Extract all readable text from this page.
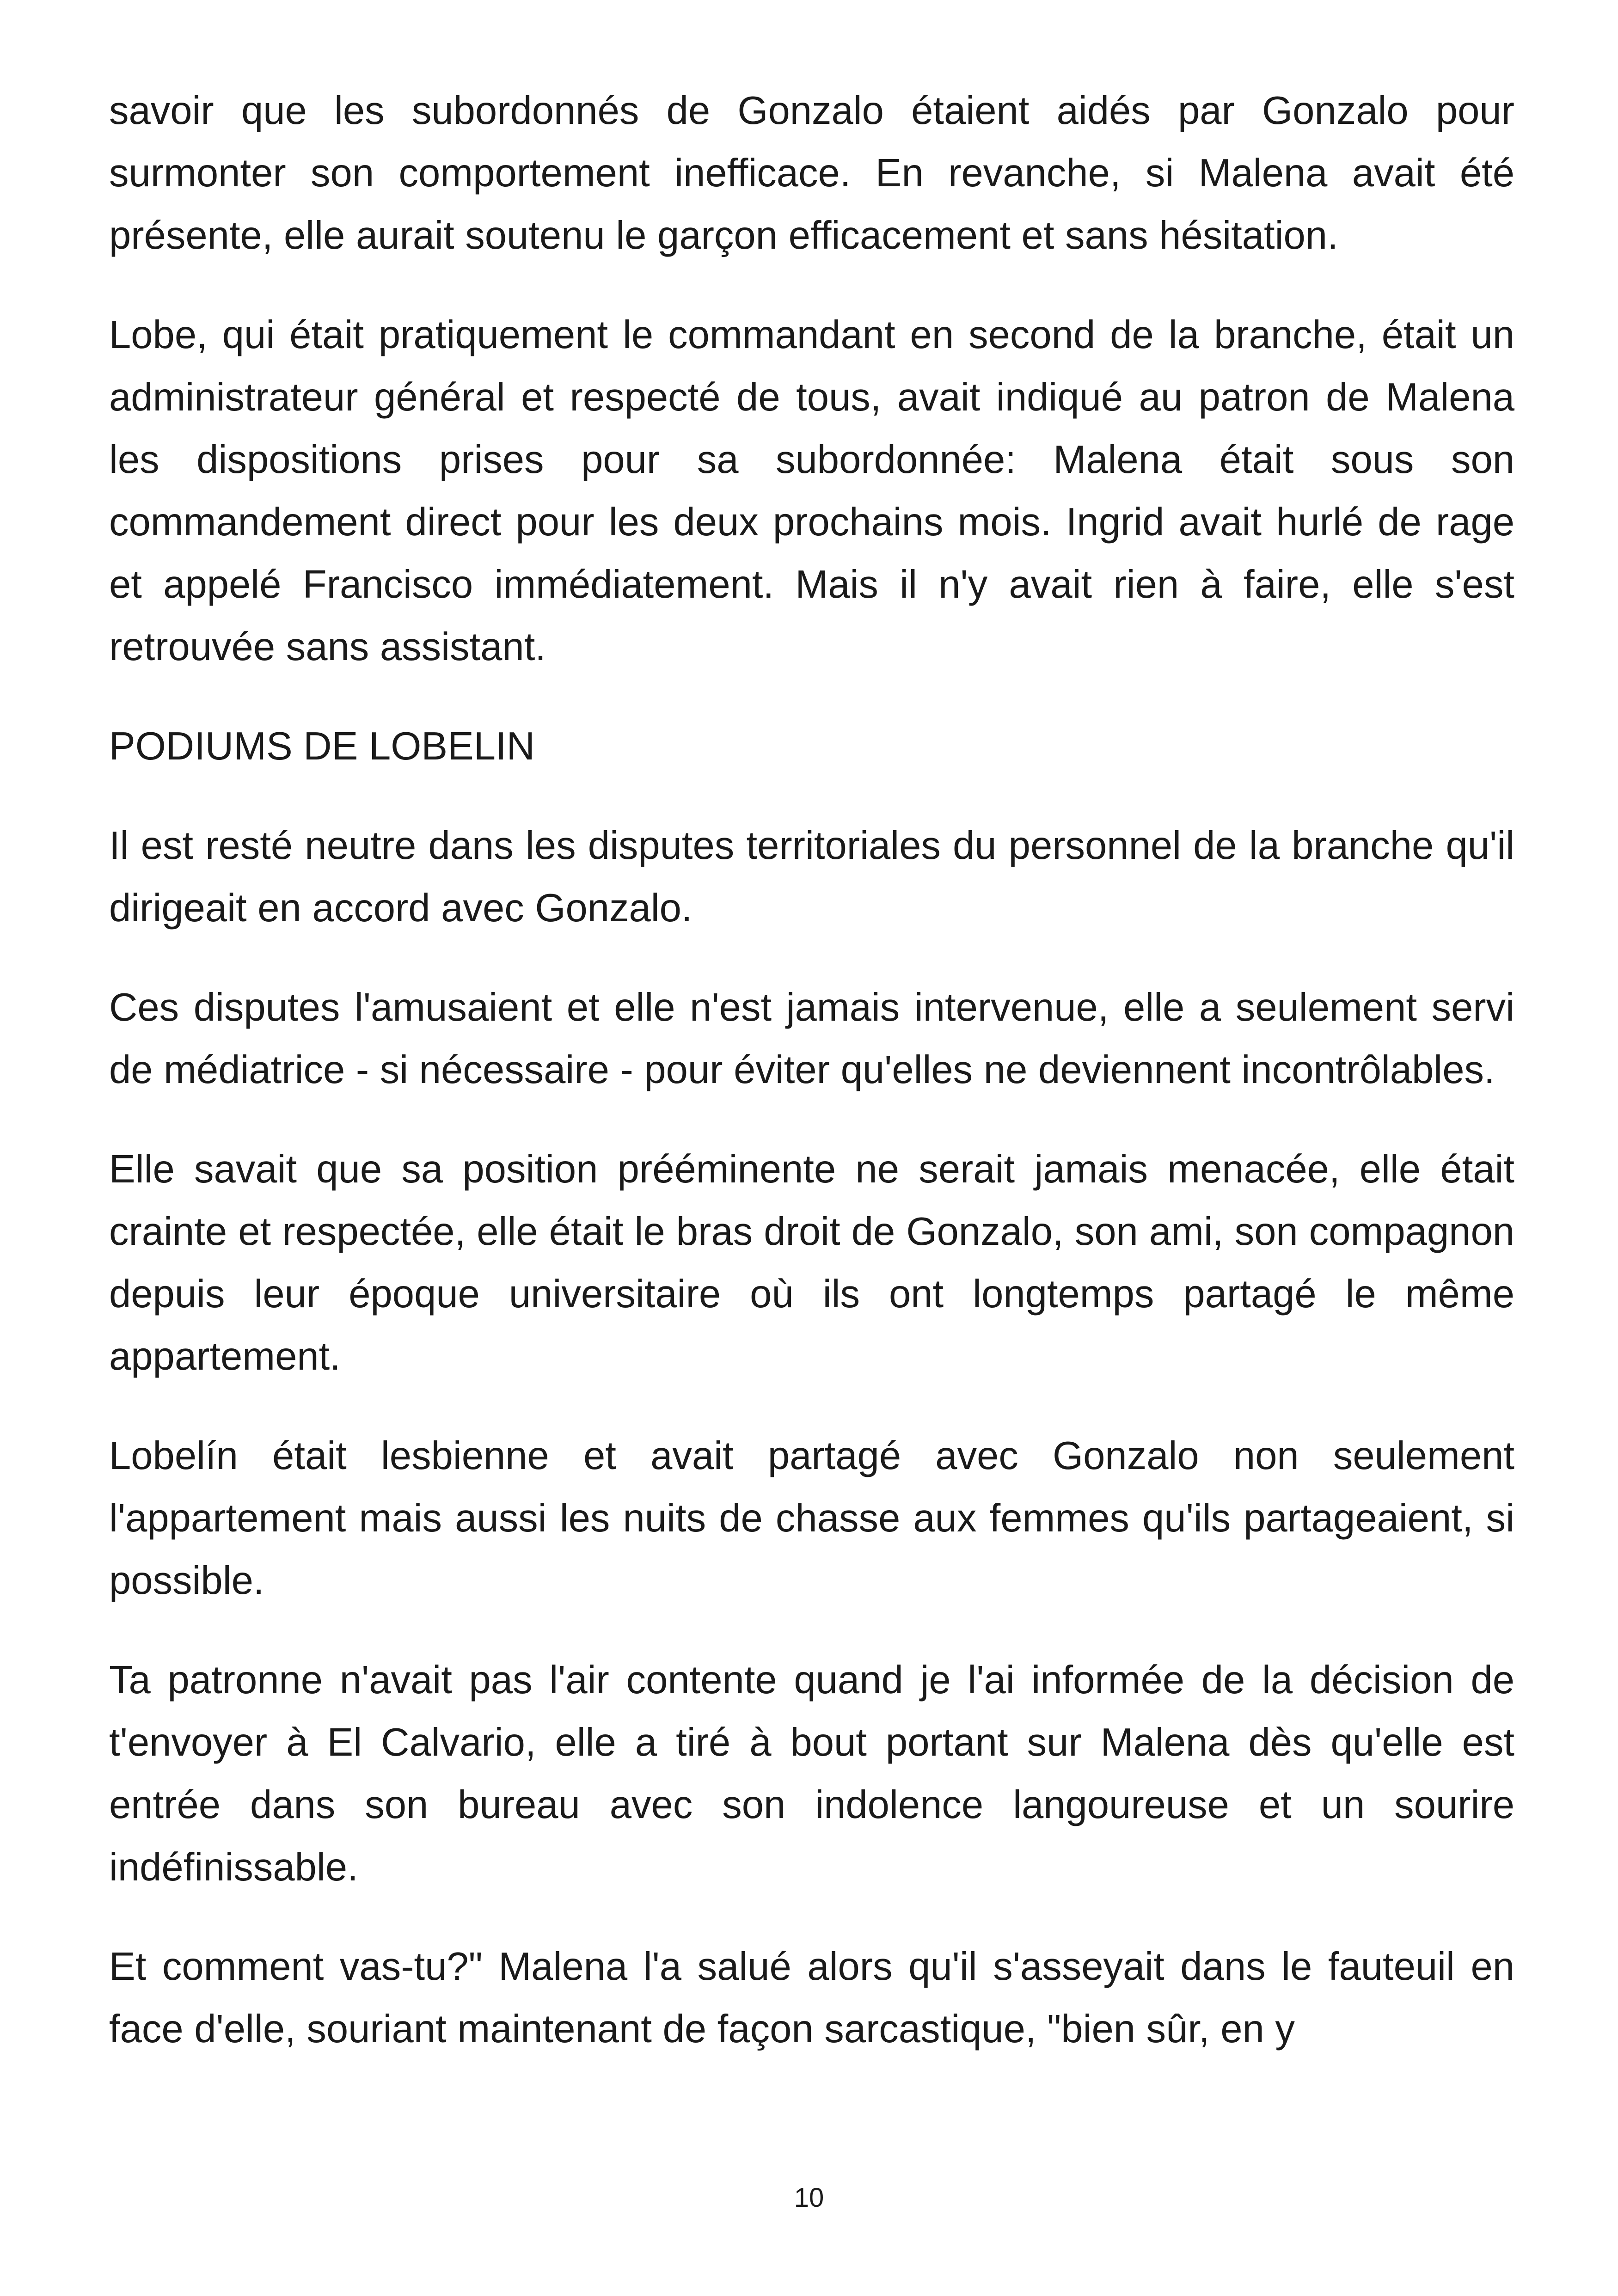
savoir que les subordonnés de Gonzalo étaient aidés par Gonzalo pour surmonter son comportement inefficace. En revanche, si Malena avait été présente, elle aurait soutenu le garçon efficacement et sans hésitation.

Lobe, qui était pratiquement le commandant en second de la branche, était un administrateur général et respecté de tous, avait indiqué au patron de Malena les dispositions prises pour sa subordonnée: Malena était sous son commandement direct pour les deux prochains mois. Ingrid avait hurlé de rage et appelé Francisco immédiatement. Mais il n'y avait rien à faire, elle s'est retrouvée sans assistant.

PODIUMS DE LOBELIN

Il est resté neutre dans les disputes territoriales du personnel de la branche qu'il dirigeait en accord avec Gonzalo.

Ces disputes l'amusaient et elle n'est jamais intervenue, elle a seulement servi de médiatrice - si nécessaire - pour éviter qu'elles ne deviennent incontrôlables.

Elle savait que sa position prééminente ne serait jamais menacée, elle était crainte et respectée, elle était le bras droit de Gonzalo, son ami, son compagnon depuis leur époque universitaire où ils ont longtemps partagé le même appartement.

Lobelín était lesbienne et avait partagé avec Gonzalo non seulement l'appartement mais aussi les nuits de chasse aux femmes qu'ils partageaient, si possible.

Ta patronne n'avait pas l'air contente quand je l'ai informée de la décision de t'envoyer à El Calvario, elle a tiré à bout portant sur Malena dès qu'elle est entrée dans son bureau avec son indolence langoureuse et un sourire indéfinissable.

Et comment vas-tu?" Malena l'a salué alors qu'il s'asseyait dans le fauteuil en face d'elle, souriant maintenant de façon sarcastique, "bien sûr, en y

10
